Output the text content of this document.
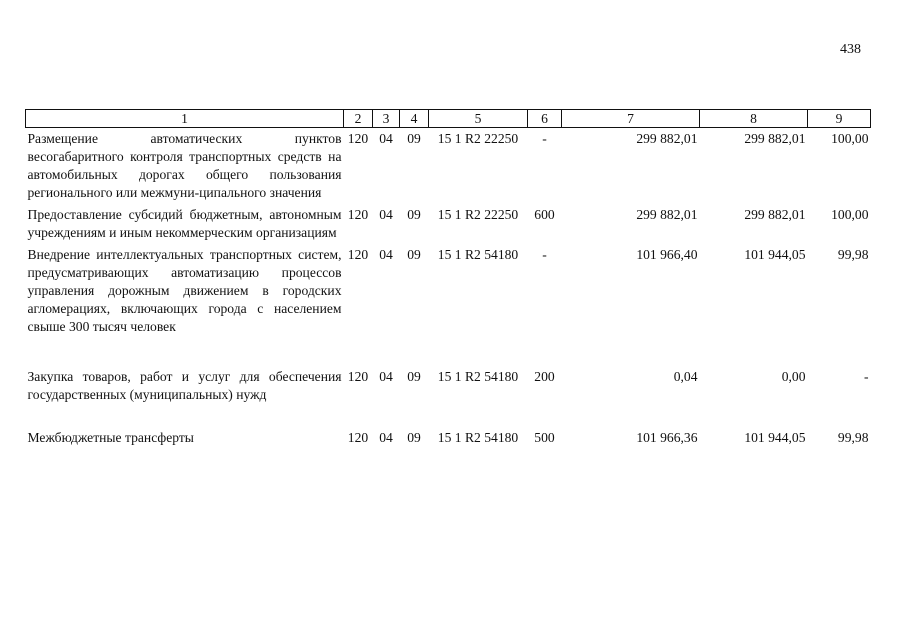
438
1	2	3	4	5	6	7	8	9

Размещение автоматических пунктов весогабаритного контроля транспортных средств на автомобильных дорогах общего пользования регионального или межмуни-ципального значения	120	04	09	15 1 R2 22250	-	299 882,01	299 882,01	100,00

Предоставление субсидий бюджетным, автономным учреждениям и иным некоммерческим организациям	120	04	09	15 1 R2 22250	600	299 882,01	299 882,01	100,00

Внедрение интеллектуальных транспортных систем, предусматривающих автоматизацию процессов управления дорожным движением в городских агломерациях, включающих города с населением свыше 300 тысяч человек	120	04	09	15 1 R2 54180	-	101 966,40	101 944,05	99,98

Закупка товаров, работ и услуг для обеспечения государственных (муниципальных) нужд	120	04	09	15 1 R2 54180	200	0,04	0,00	-

Межбюджетные трансферты	120	04	09	15 1 R2 54180	500	101 966,36	101 944,05	99,98
